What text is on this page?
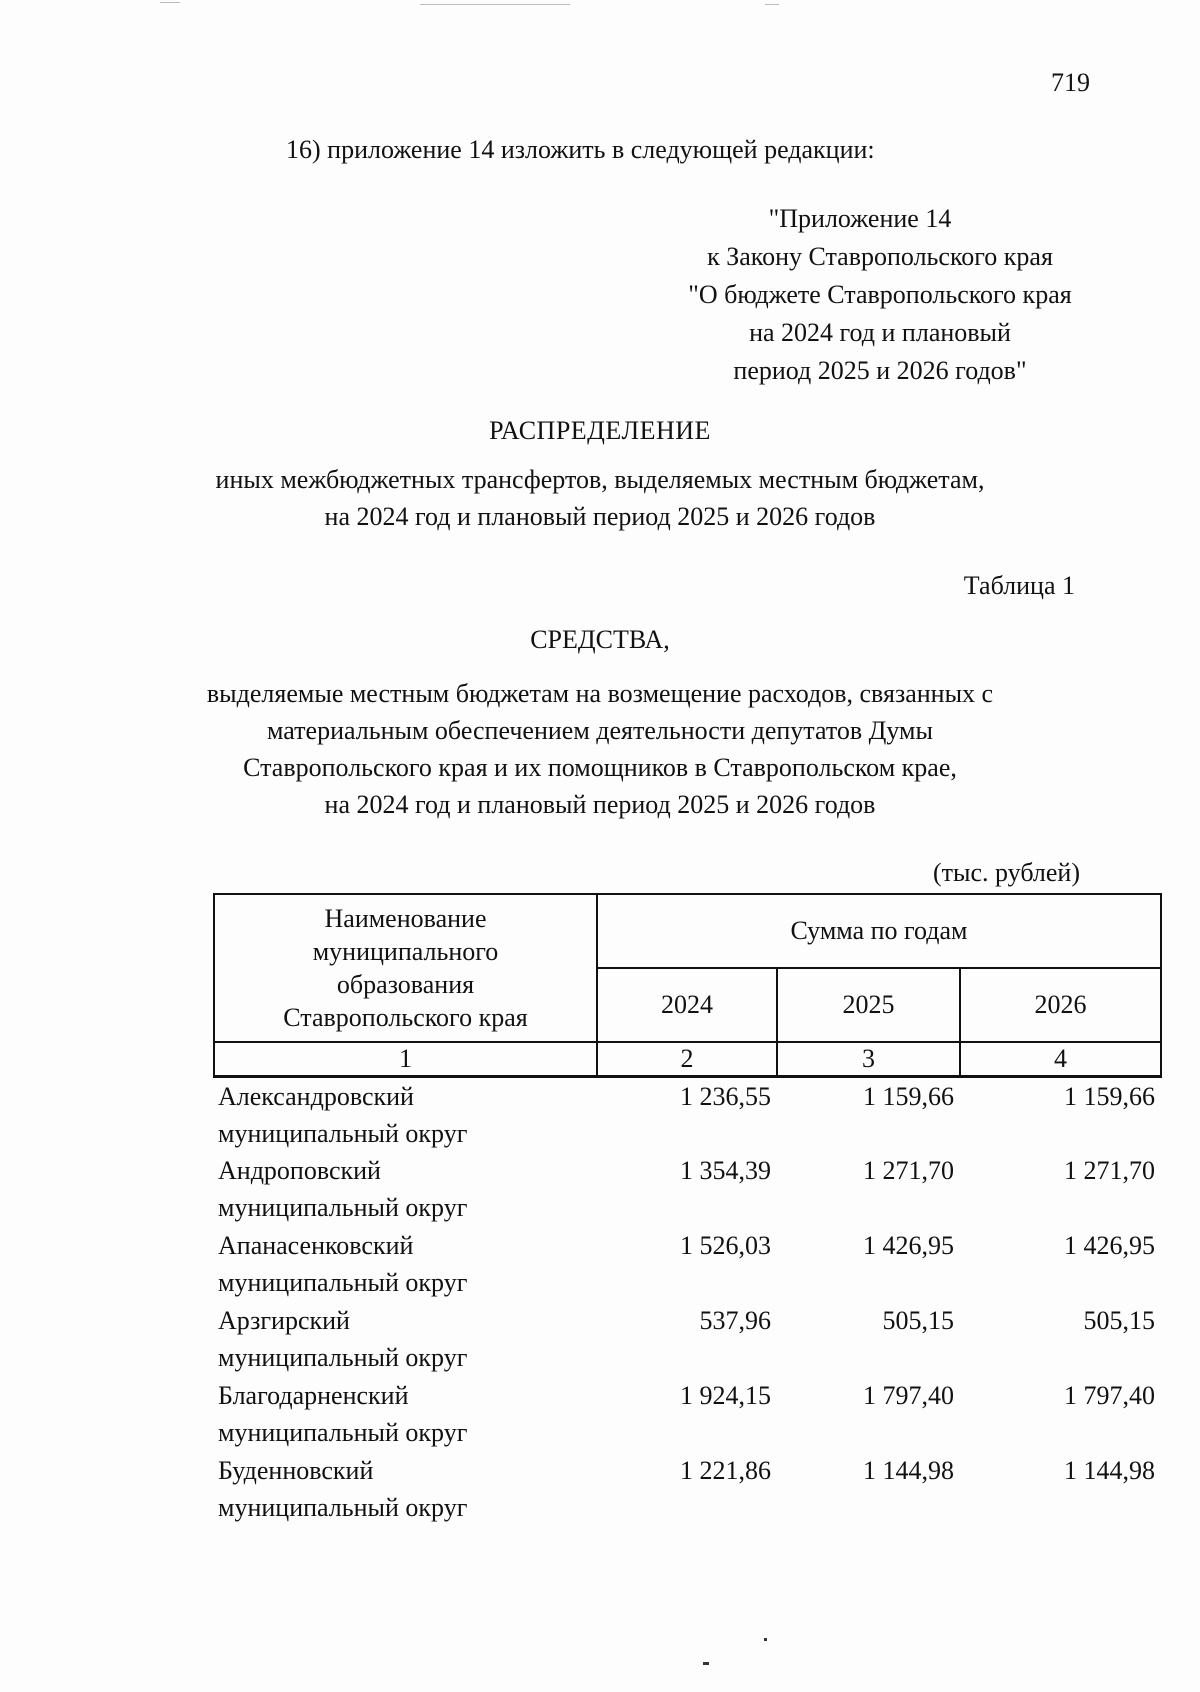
719
16) приложение 14 изложить в следующей редакции:
"Приложение 14
к Закону Ставропольского края
"О бюджете Ставропольского края
на 2024 год и плановый
период 2025 и 2026 годов"
РАСПРЕДЕЛЕНИЕ
иных межбюджетных трансфертов, выделяемых местным бюджетам,
на 2024 год и плановый период 2025 и 2026 годов
Таблица 1
СРЕДСТВА,
выделяемые местным бюджетам на возмещение расходов, связанных с
материальным обеспечением деятельности депутатов Думы
Ставропольского края и их помощников в Ставропольском крае,
на 2024 год и плановый период 2025 и 2026 годов
(тыс. рублей)
Наименование
муниципального
образования
Ставропольского края	Сумма по годам		
	2024	2025	2026
1	2	3	4

Александровский
муниципальный округ	1 236,55	1 159,66	1 159,66

Андроповский
муниципальный округ	1 354,39	1 271,70	1 271,70

Апанасенковский
муниципальный округ	1 526,03	1 426,95	1 426,95

Арзгирский
муниципальный округ	537,96	505,15	505,15

Благодарненский
муниципальный округ	1 924,15	1 797,40	1 797,40

Буденновский
муниципальный округ	1 221,86	1 144,98	1 144,98
